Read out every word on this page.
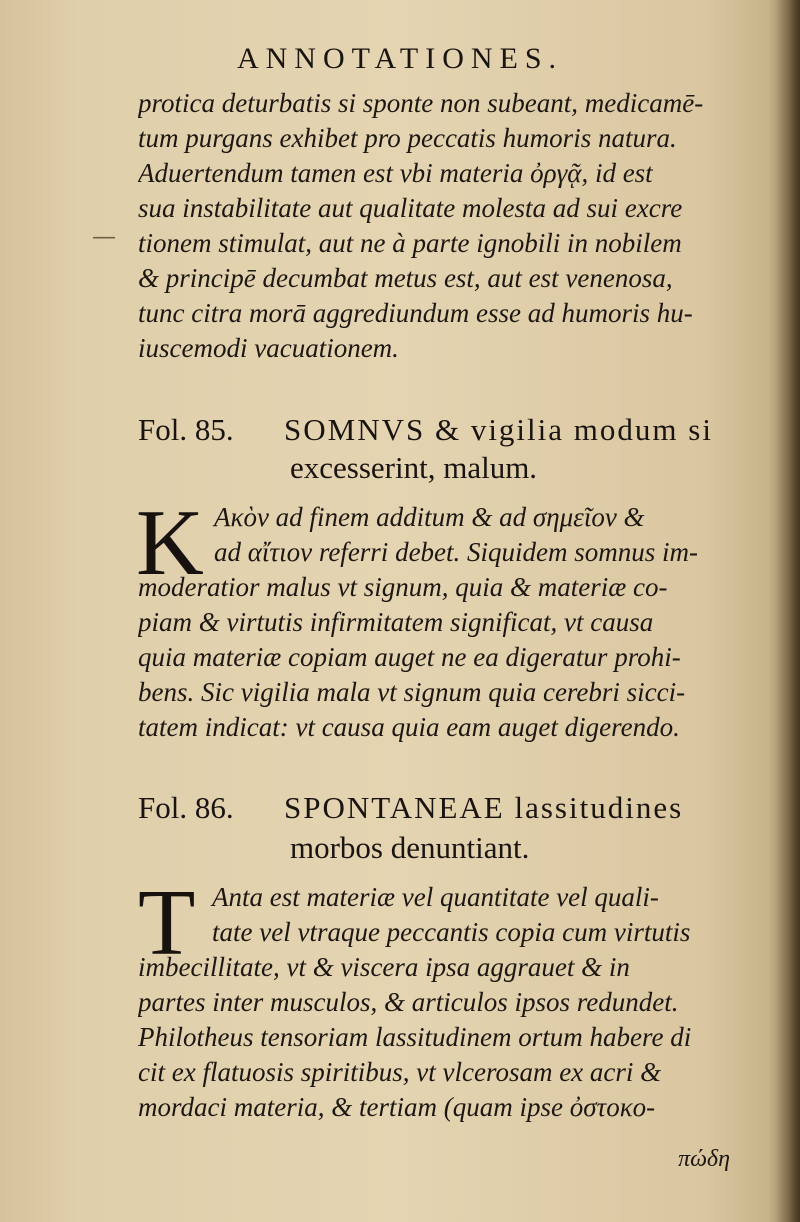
ANNOTATIONES.
protica deturbatis si sponte non subeant, medicamē-
tum purgans exhibet pro peccatis humoris natura.
Aduertendum tamen est vbi materia ὀργᾷ, id est
sua instabilitate aut qualitate molesta ad sui excre
tionem stimulat, aut ne à parte ignobili in nobilem
& principē decumbat metus est, aut est venenosa,
tunc citra morā aggrediundum esse ad humoris hu-
iuscemodi vacuationem.
—
Fol. 85. SOMNVS & vigilia modum si
excesserint, malum.
K Ακὸν ad finem additum & ad σημεῖον &
ad αἴτιον referri debet. Siquidem somnus im-
moderatior malus vt signum, quia & materiæ co-
piam & virtutis infirmitatem significat, vt causa
quia materiæ copiam auget ne ea digeratur prohi-
bens. Sic vigilia mala vt signum quia cerebri sicci-
tatem indicat: vt causa quia eam auget digerendo.
Fol. 86. SPONTANEAE lassitudines
morbos denuntiant.
T Anta est materiæ vel quantitate vel quali-
tate vel vtraque peccantis copia cum virtutis
imbecillitate, vt & viscera ipsa aggrauet & in
partes inter musculos, & articulos ipsos redundet.
Philotheus tensoriam lassitudinem ortum habere di
cit ex flatuosis spiritibus, vt vlcerosam ex acri &
mordaci materia, & tertiam (quam ipse ὀστοκο-
πώδη
